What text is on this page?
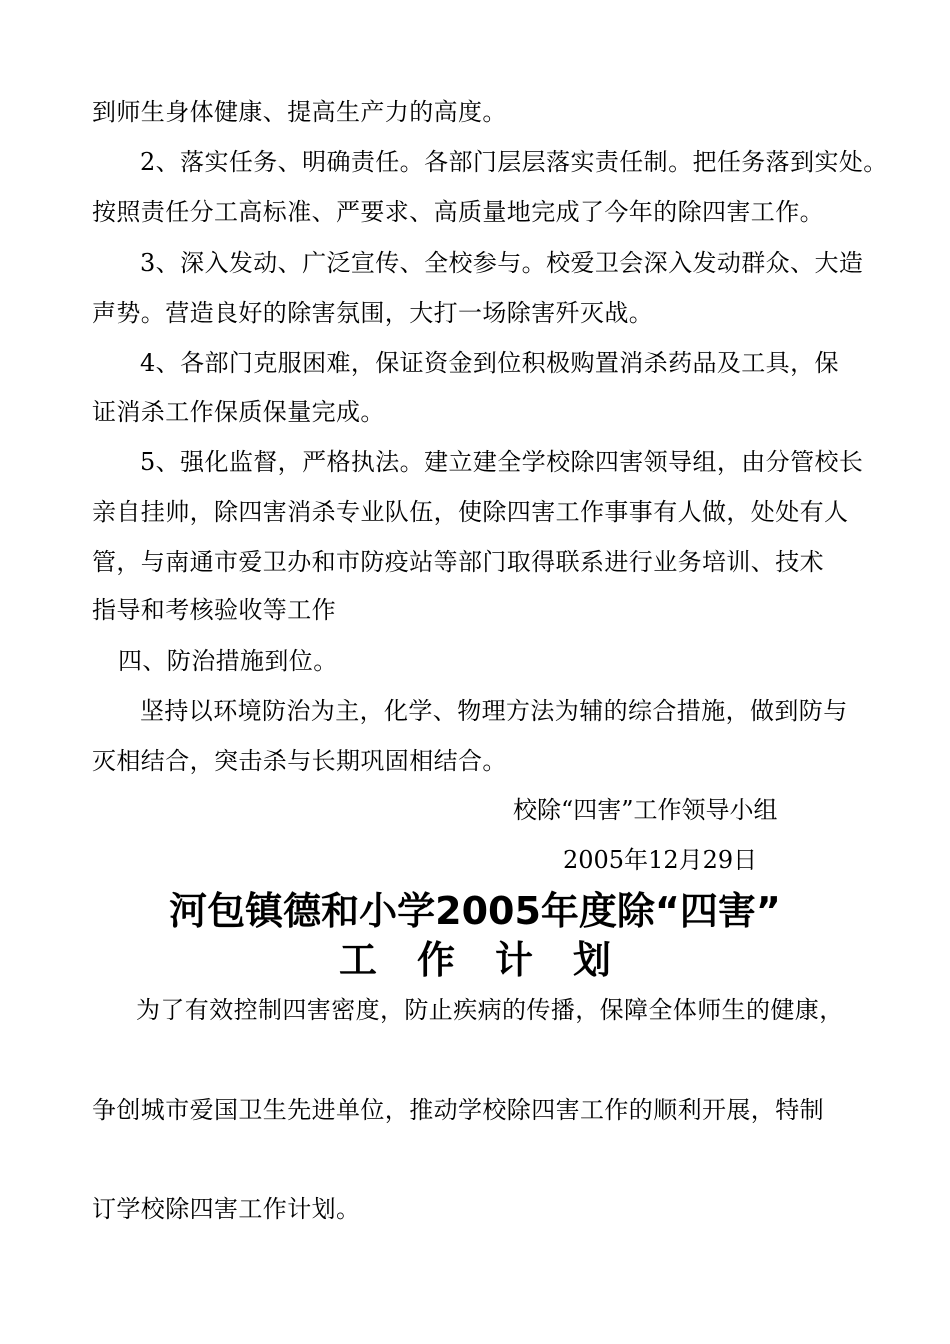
到师生身体健康、提高生产力的高度。
2、落实任务、明确责任。各部门层层落实责任制。把任务落到实处。
按照责任分工高标准、严要求、高质量地完成了今年的除四害工作。
3、深入发动、广泛宣传、全校参与。校爱卫会深入发动群众、大造
声势。营造良好的除害氛围，大打一场除害歼灭战。
4、各部门克服困难，保证资金到位积极购置消杀药品及工具，保
证消杀工作保质保量完成。
5、强化监督，严格执法。建立建全学校除四害领导组，由分管校长
亲自挂帅，除四害消杀专业队伍，使除四害工作事事有人做，处处有人
管，与南通市爱卫办和市防疫站等部门取得联系进行业务培训、技术
指导和考核验收等工作
四、防治措施到位。
坚持以环境防治为主，化学、物理方法为辅的综合措施，做到防与
灭相结合，突击杀与长期巩固相结合。
校除“四害”工作领导小组
2005年12月29日
河包镇德和小学2005年度除“四害”
工作计划
为了有效控制四害密度，防止疾病的传播，保障全体师生的健康，
争创城市爱国卫生先进单位，推动学校除四害工作的顺利开展，特制
订学校除四害工作计划。
